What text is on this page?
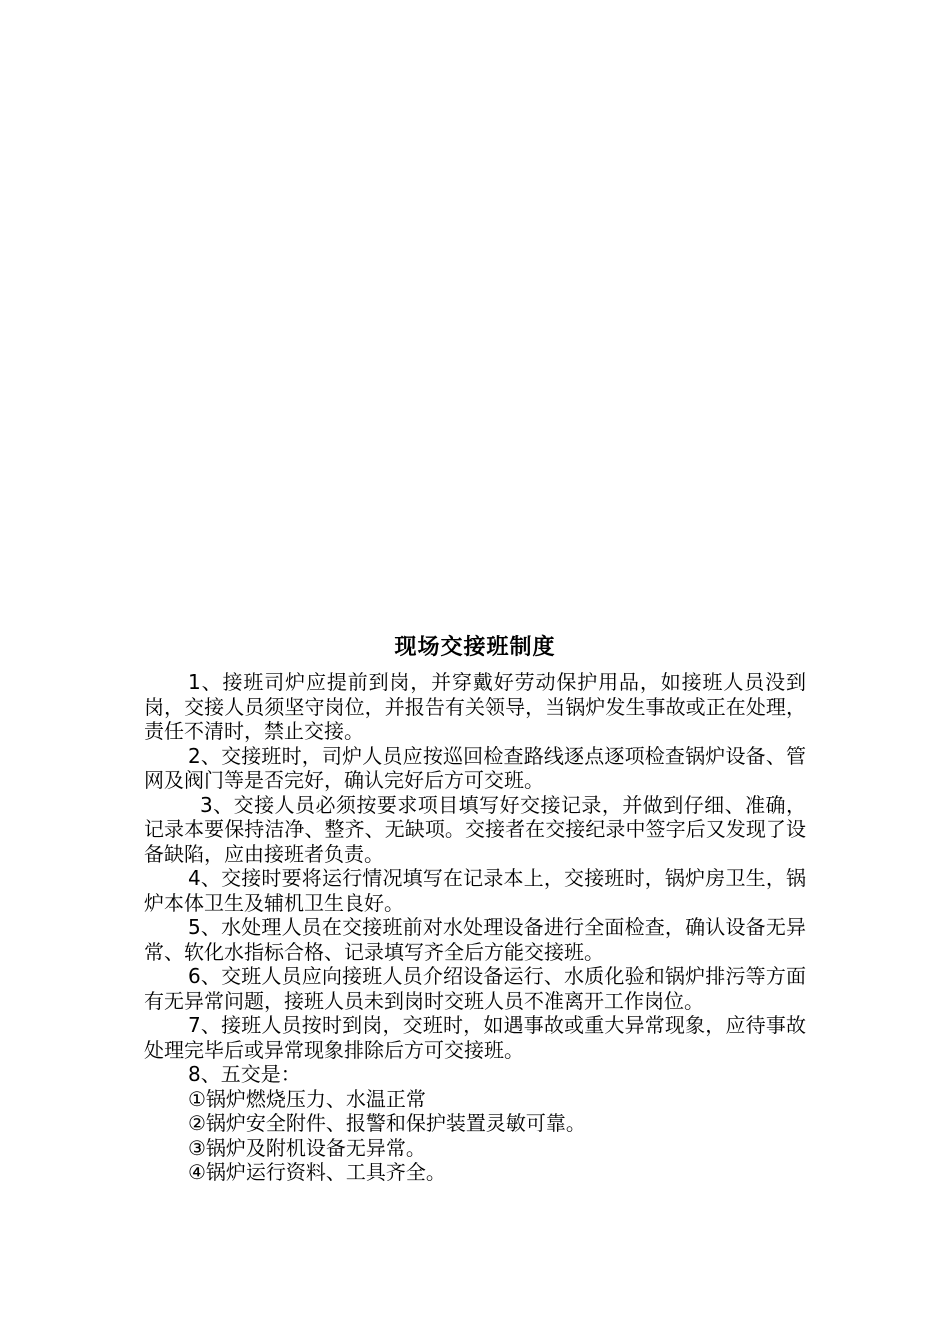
现场交接班制度

1、接班司炉应提前到岗，并穿戴好劳动保护用品，如接班人员没到岗，交接人员须坚守岗位，并报告有关领导，当锅炉发生事故或正在处理，责任不清时，禁止交接。

2、交接班时，司炉人员应按巡回检查路线逐点逐项检查锅炉设备、管网及阀门等是否完好，确认完好后方可交班。

3、交接人员必须按要求项目填写好交接记录，并做到仔细、准确，记录本要保持洁净、整齐、无缺项。交接者在交接纪录中签字后又发现了设备缺陷，应由接班者负责。

4、交接时要将运行情况填写在记录本上，交接班时，锅炉房卫生，锅炉本体卫生及辅机卫生良好。

5、水处理人员在交接班前对水处理设备进行全面检查，确认设备无异常、软化水指标合格、记录填写齐全后方能交接班。

6、交班人员应向接班人员介绍设备运行、水质化验和锅炉排污等方面有无异常问题，接班人员未到岗时交班人员不准离开工作岗位。

7、接班人员按时到岗，交班时，如遇事故或重大异常现象，应待事故处理完毕后或异常现象排除后方可交接班。

8、五交是：

①锅炉燃烧压力、水温正常

②锅炉安全附件、报警和保护装置灵敏可靠。

③锅炉及附机设备无异常。

④锅炉运行资料、工具齐全。
